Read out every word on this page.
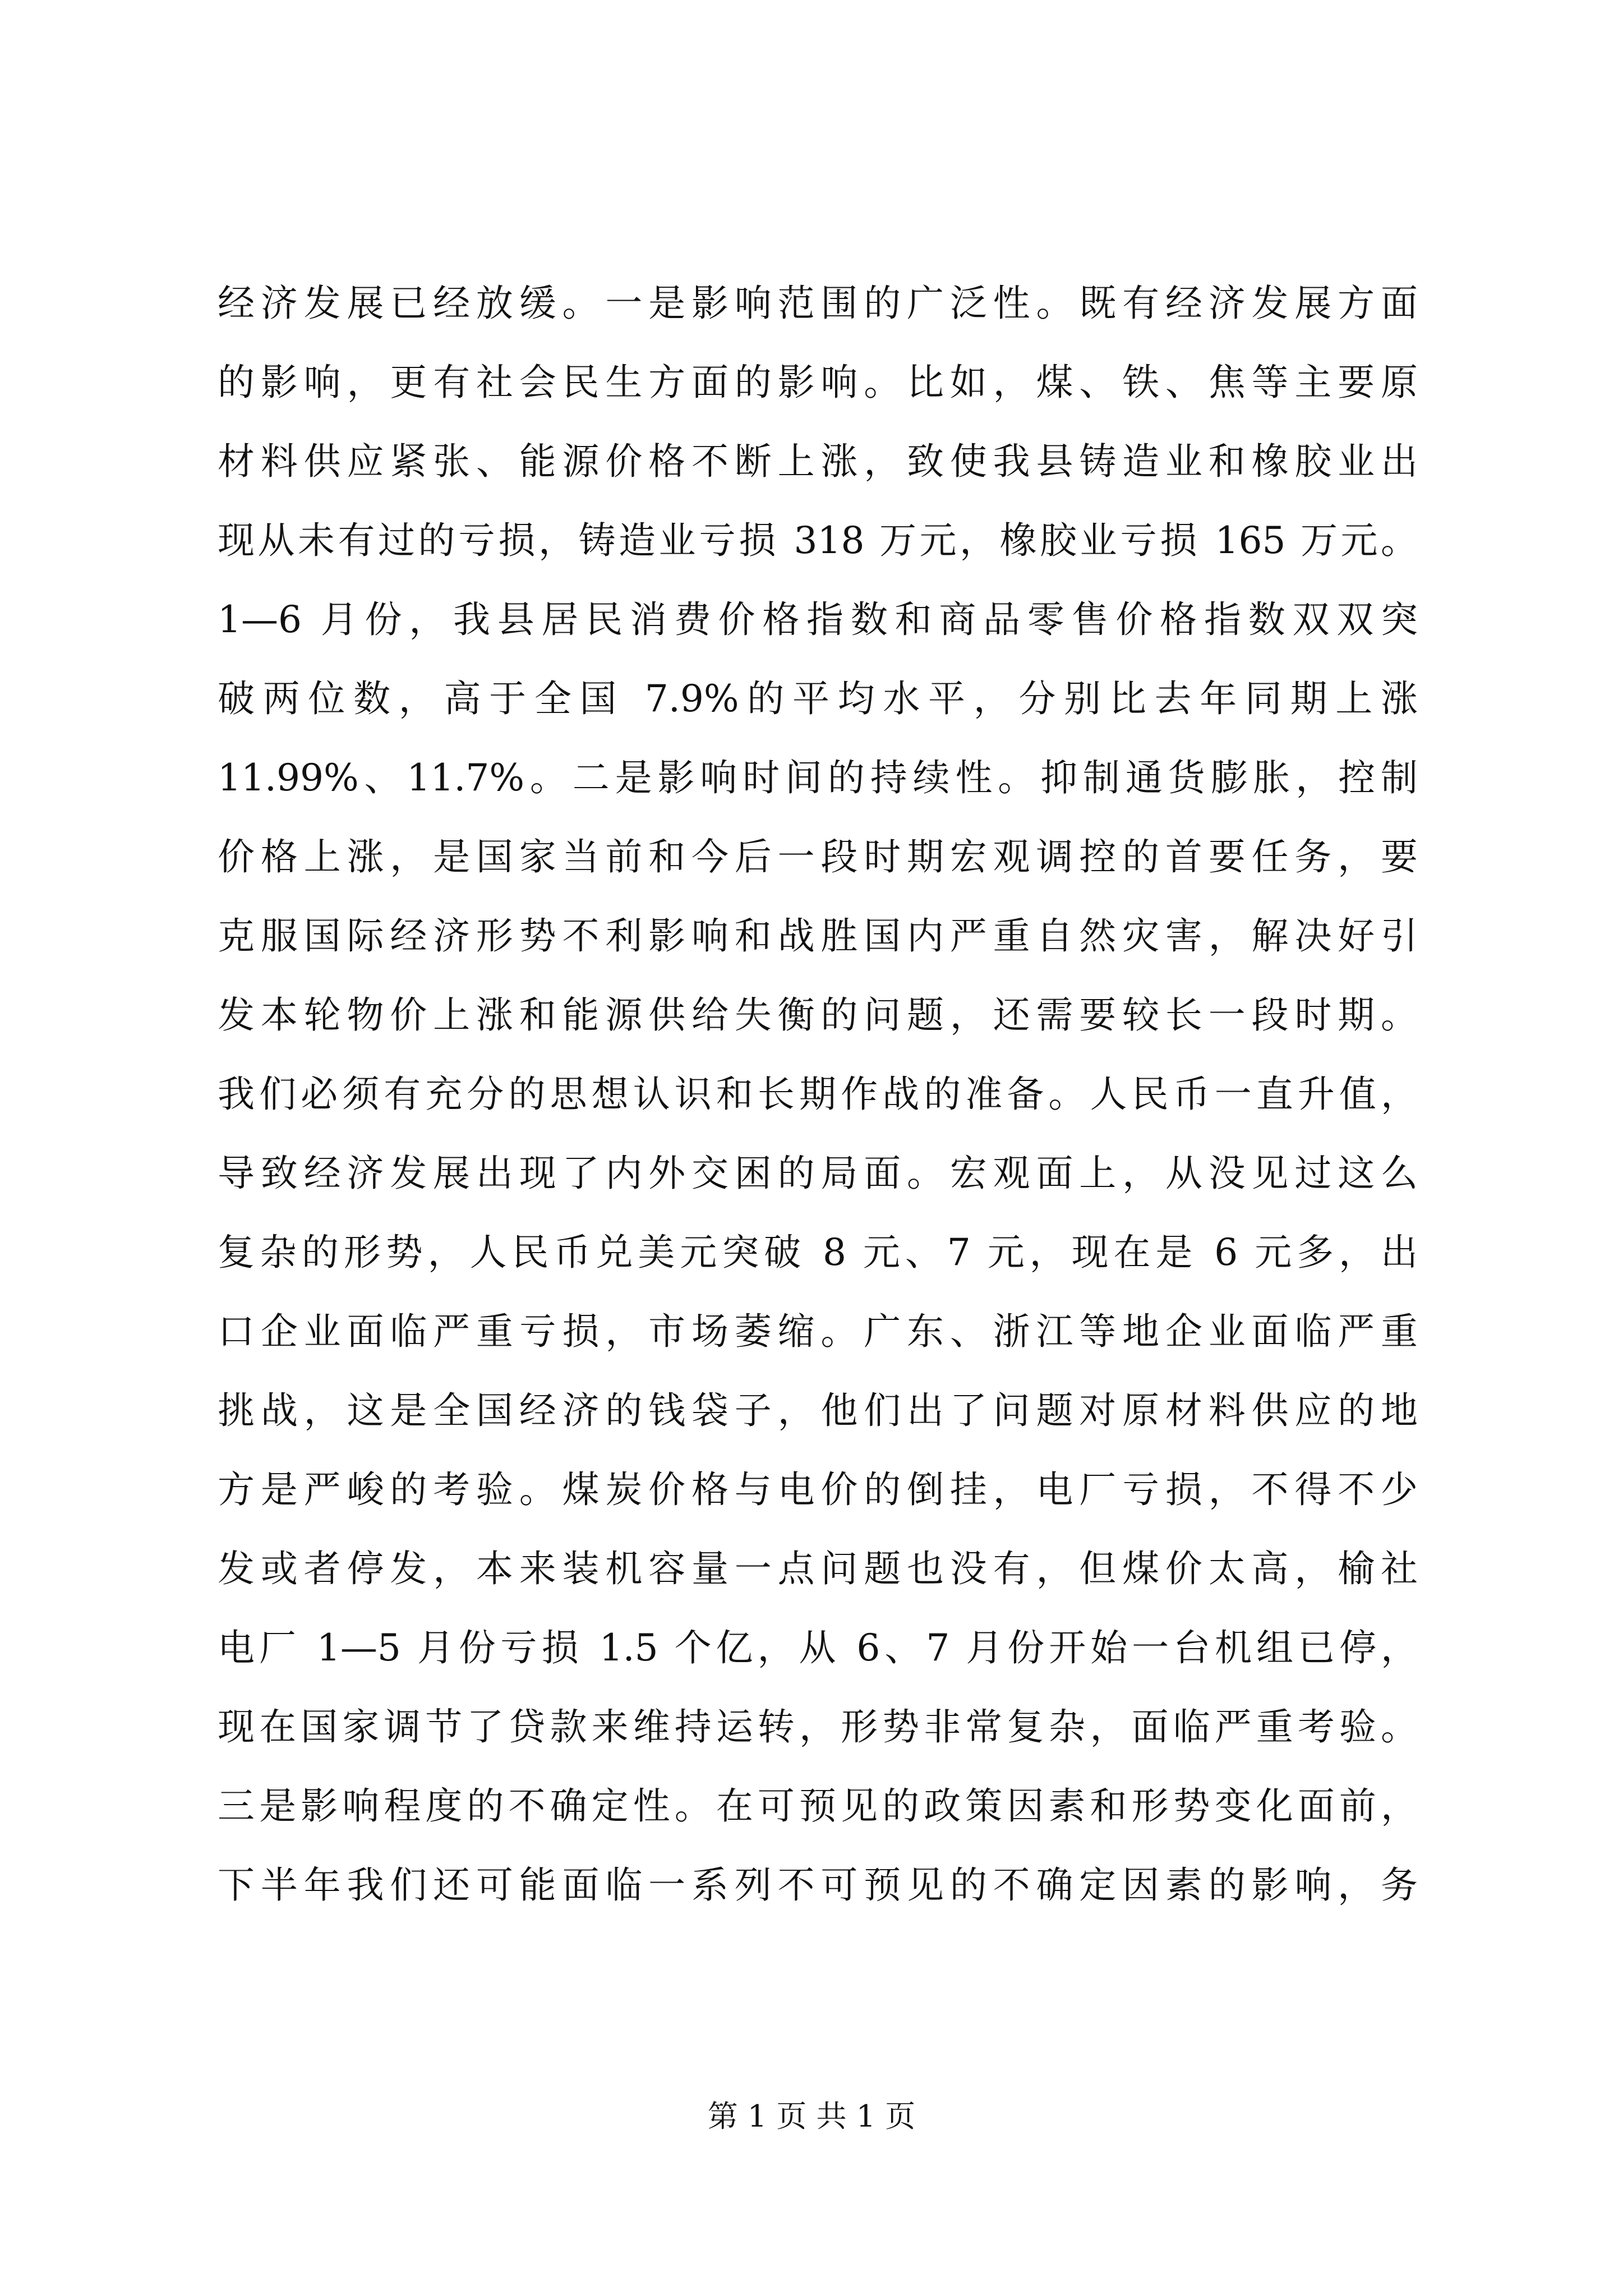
经济发展已经放缓。一是影响范围的广泛性。既有经济发展方面
的影响，更有社会民生方面的影响。比如，煤、铁、焦等主要原
材料供应紧张、能源价格不断上涨，致使我县铸造业和橡胶业出
现从未有过的亏损，铸造业亏损 318 万元，橡胶业亏损 165 万元。
1—6 月份，我县居民消费价格指数和商品零售价格指数双双突
破两位数，高于全国 7.9%的平均水平，分别比去年同期上涨
11.99%、11.7%。二是影响时间的持续性。抑制通货膨胀，控制
价格上涨，是国家当前和今后一段时期宏观调控的首要任务，要
克服国际经济形势不利影响和战胜国内严重自然灾害，解决好引
发本轮物价上涨和能源供给失衡的问题，还需要较长一段时期。
我们必须有充分的思想认识和长期作战的准备。人民币一直升值，
导致经济发展出现了内外交困的局面。宏观面上，从没见过这么
复杂的形势，人民币兑美元突破 8 元、7 元，现在是 6 元多，出
口企业面临严重亏损，市场萎缩。广东、浙江等地企业面临严重
挑战，这是全国经济的钱袋子，他们出了问题对原材料供应的地
方是严峻的考验。煤炭价格与电价的倒挂，电厂亏损，不得不少
发或者停发，本来装机容量一点问题也没有，但煤价太高，榆社
电厂 1—5 月份亏损 1.5 个亿，从 6、7 月份开始一台机组已停，
现在国家调节了贷款来维持运转，形势非常复杂，面临严重考验。
三是影响程度的不确定性。在可预见的政策因素和形势变化面前，
下半年我们还可能面临一系列不可预见的不确定因素的影响，务
第 1 页 共 1 页
